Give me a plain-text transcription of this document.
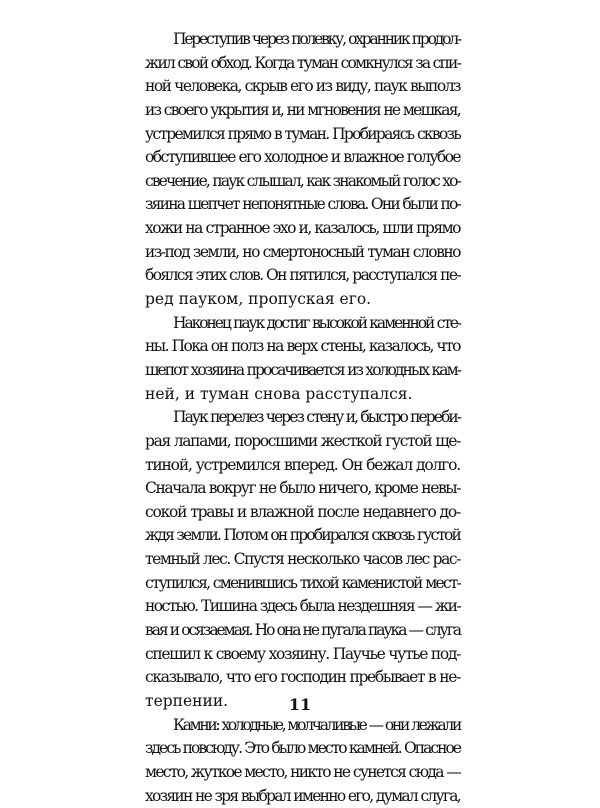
Переступив через полевку, охранник продол-
жил свой обход. Когда туман сомкнулся за спи-
ной человека, скрыв его из виду, паук выполз
из своего укрытия и, ни мгновения не мешкая,
устремился прямо в туман. Пробираясь сквозь
обступившее его холодное и влажное голубое
свечение, паук слышал, как знакомый голос хо-
зяина шепчет непонятные слова. Они были по-
хожи на странное эхо и, казалось, шли прямо
из-под земли, но смертоносный туман словно
боялся этих слов. Он пятился, расступался пе-
ред пауком, пропуская его.
Наконец паук достиг высокой каменной сте-
ны. Пока он полз на верх стены, казалось, что
шепот хозяина просачивается из холодных кам-
ней, и туман снова расступался.
Паук перелез через стену и, быстро переби-
рая лапами, поросшими жесткой густой ще-
тиной, устремился вперед. Он бежал долго.
Сначала вокруг не было ничего, кроме невы-
сокой травы и влажной после недавнего до-
ждя земли. Потом он пробирался сквозь густой
темный лес. Спустя несколько часов лес рас-
ступился, сменившись тихой каменистой мест-
ностью. Тишина здесь была нездешняя — жи-
вая и осязаемая. Но она не пугала паука — слуга
спешил к своему хозяину. Паучье чутье под-
сказывало, что его господин пребывает в не-
терпении.
Камни: холодные, молчаливые — они лежали
здесь повсюду. Это было место камней. Опасное
место, жуткое место, никто не сунется сюда —
хозяин не зря выбрал именно его, думал слуга,
11
